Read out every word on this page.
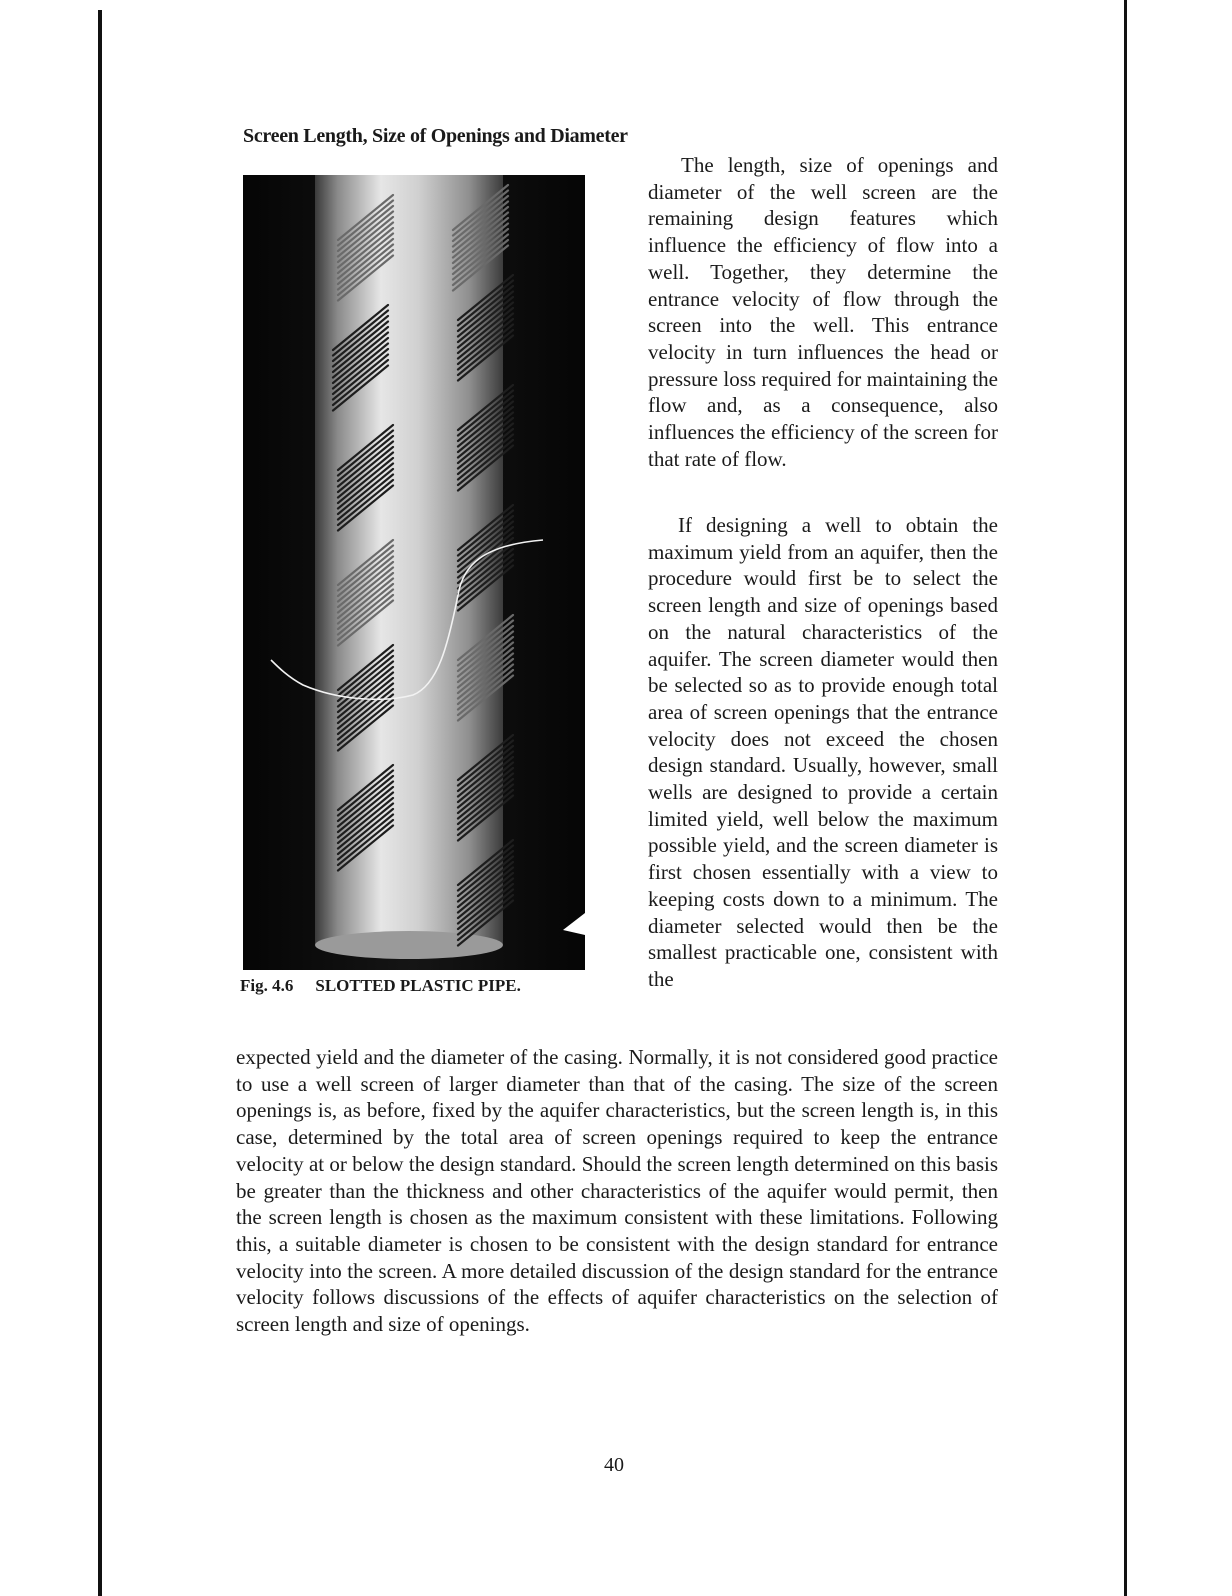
Screen Length, Size of Openings and Diameter
Fig. 4.6 SLOTTED PLASTIC PIPE.
The length, size of openings and diameter of the well screen are the remaining design features which influence the efficiency of flow into a well. Together, they determine the entrance velocity of flow through the screen into the well. This entrance velocity in turn influences the head or pressure loss required for maintaining the flow and, as a consequence, also influences the efficiency of the screen for that rate of flow.
If designing a well to obtain the maximum yield from an aquifer, then the procedure would first be to select the screen length and size of openings based on the natural characteristics of the aquifer. The screen diameter would then be selected so as to provide enough total area of screen openings that the entrance velocity does not exceed the chosen design standard. Usually, however, small wells are designed to provide a certain limited yield, well below the maximum possible yield, and the screen diameter is first chosen essentially with a view to keeping costs down to a minimum. The diameter selected would then be the smallest practicable one, consistent with the
expected yield and the diameter of the casing. Normally, it is not considered good practice to use a well screen of larger diameter than that of the casing. The size of the screen openings is, as before, fixed by the aquifer characteristics, but the screen length is, in this case, determined by the total area of screen openings required to keep the entrance velocity at or below the design standard. Should the screen length determined on this basis be greater than the thickness and other characteristics of the aquifer would permit, then the screen length is chosen as the maximum consistent with these limitations. Following this, a suitable diameter is chosen to be consistent with the design standard for entrance velocity into the screen. A more detailed discussion of the design standard for the entrance velocity follows discussions of the effects of aquifer characteristics on the selection of screen length and size of openings.
40
